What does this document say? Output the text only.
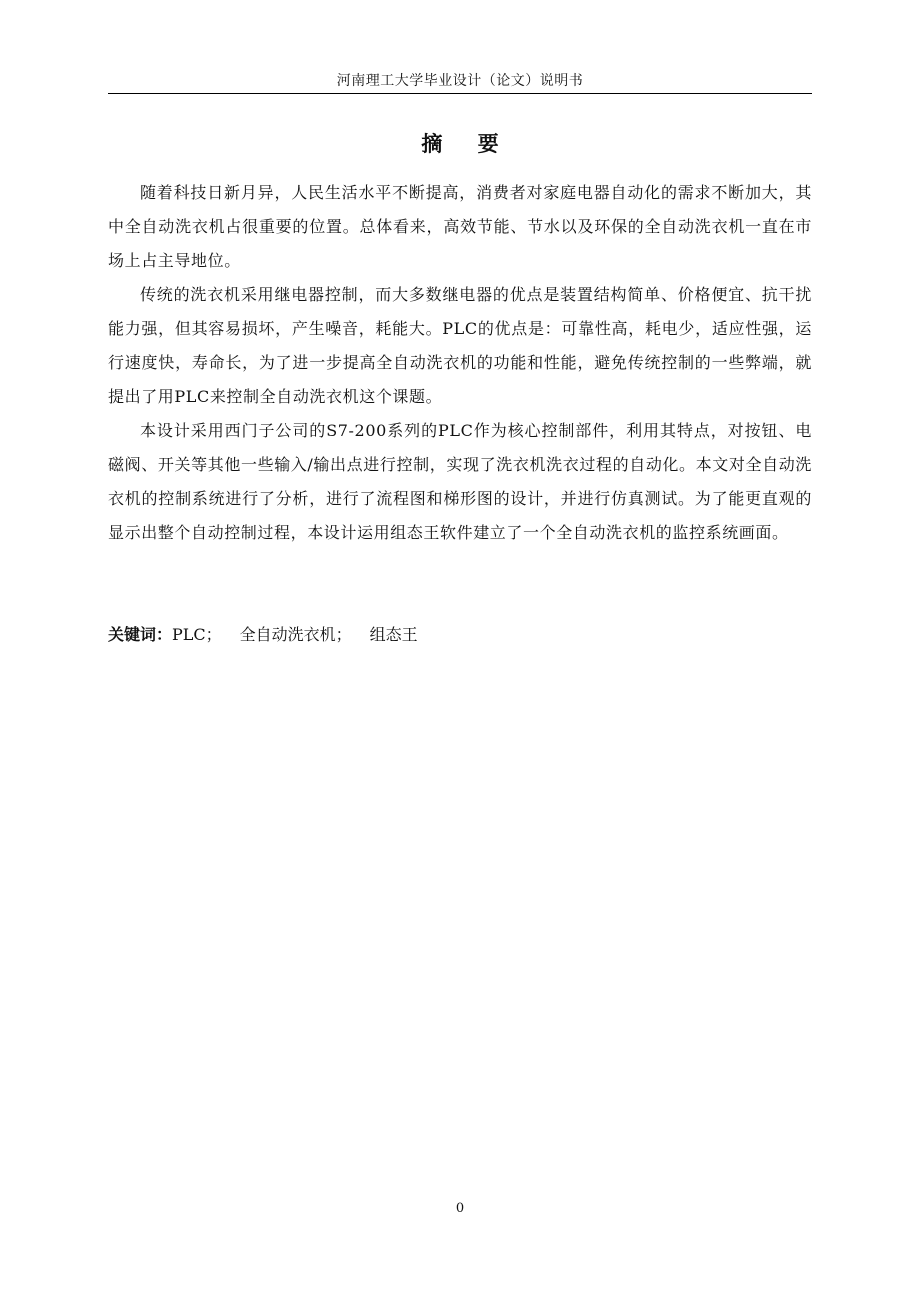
河南理工大学毕业设计（论文）说明书
摘 要

随着科技日新月异，人民生活水平不断提高，消费者对家庭电器自动化的需求不断加大，其中全自动洗衣机占很重要的位置。总体看来，高效节能、节水以及环保的全自动洗衣机一直在市场上占主导地位。

传统的洗衣机采用继电器控制，而大多数继电器的优点是装置结构简单、价格便宜、抗干扰能力强，但其容易损坏，产生噪音，耗能大。PLC的优点是：可靠性高，耗电少，适应性强，运行速度快，寿命长，为了进一步提高全自动洗衣机的功能和性能，避免传统控制的一些弊端，就提出了用PLC来控制全自动洗衣机这个课题。

本设计采用西门子公司的S7-200系列的PLC作为核心控制部件，利用其特点，对按钮、电磁阀、开关等其他一些输入/输出点进行控制，实现了洗衣机洗衣过程的自动化。本文对全自动洗衣机的控制系统进行了分析，进行了流程图和梯形图的设计，并进行仿真测试。为了能更直观的显示出整个自动控制过程，本设计运用组态王软件建立了一个全自动洗衣机的监控系统画面。

关键词：PLC； 全自动洗衣机； 组态王
0
